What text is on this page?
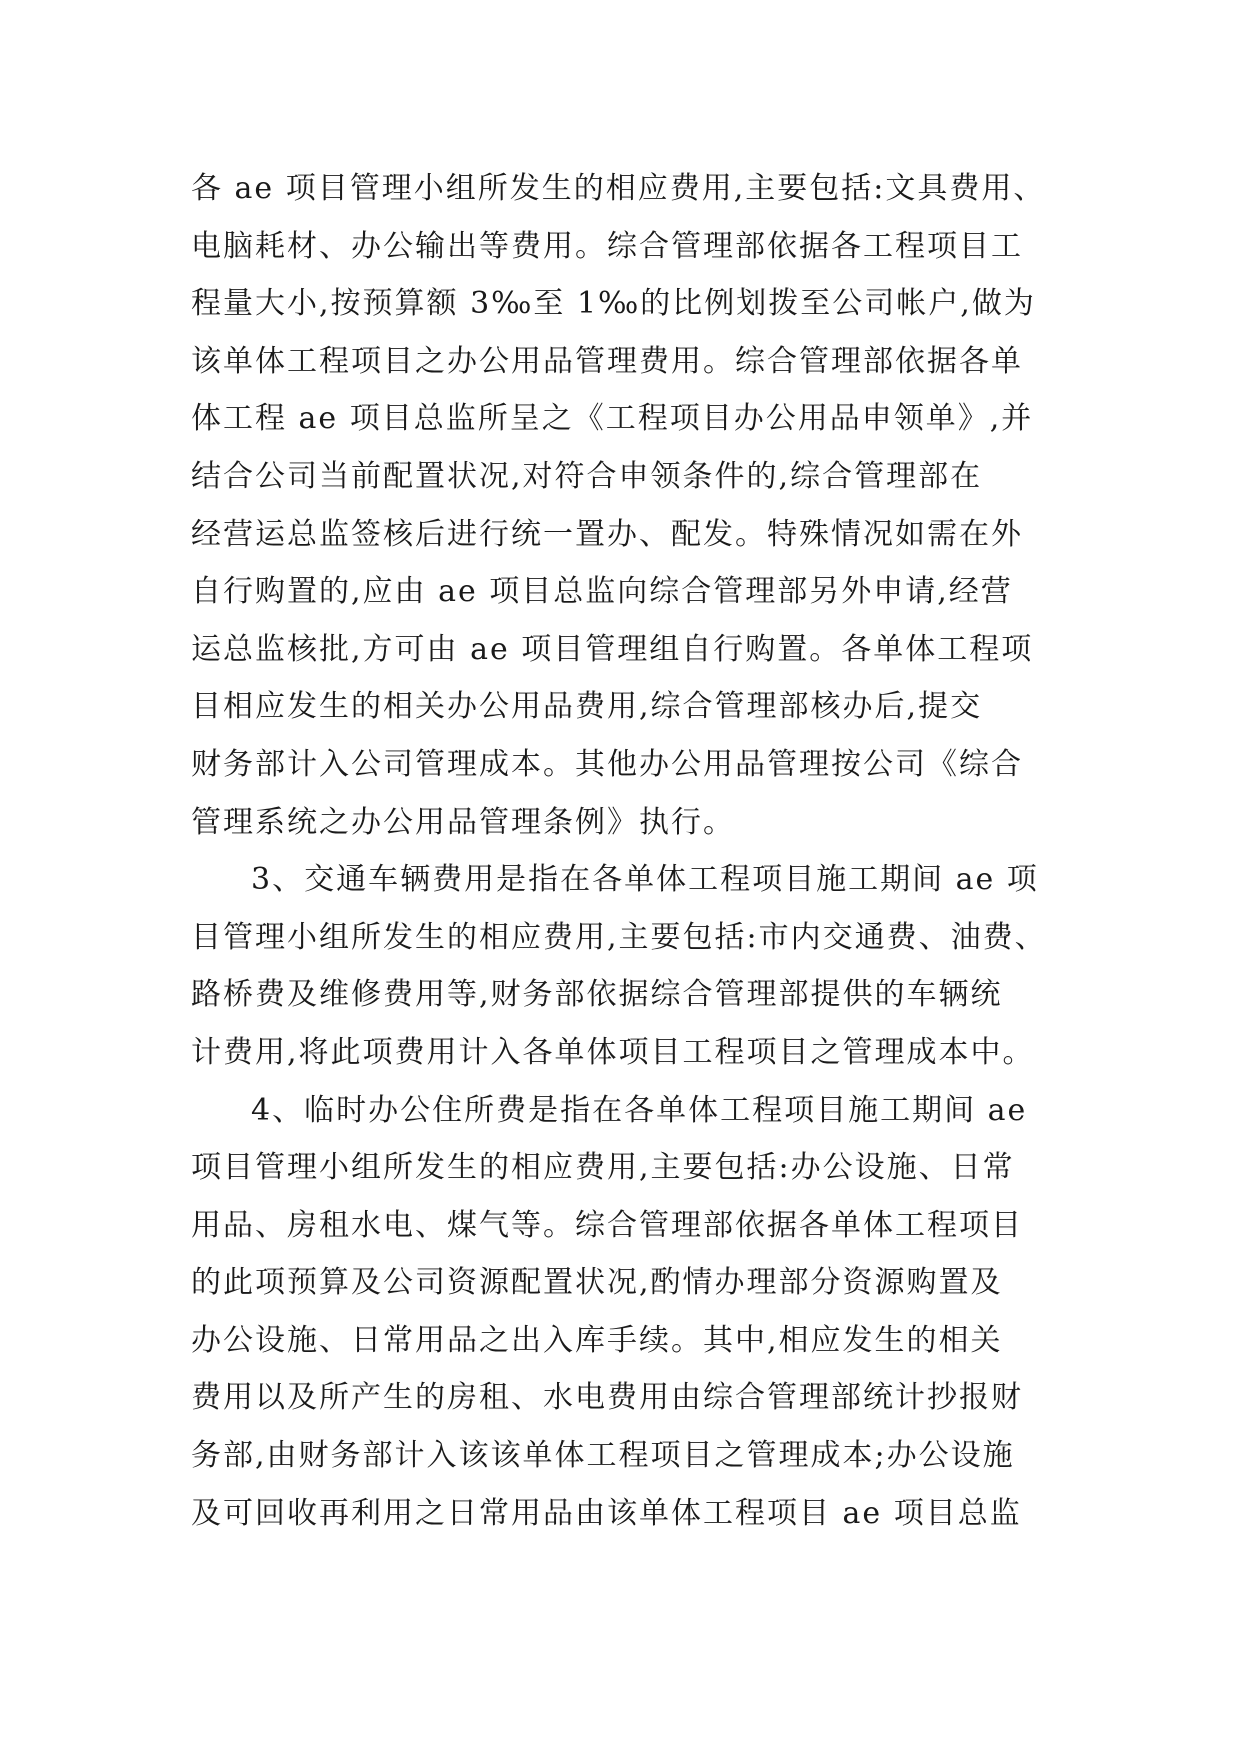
各 ae 项目管理小组所发生的相应费用,主要包括:文具费用、
电脑耗材、办公输出等费用。综合管理部依据各工程项目工
程量大小,按预算额 3‰至 1‰的比例划拨至公司帐户,做为
该单体工程项目之办公用品管理费用。综合管理部依据各单
体工程 ae 项目总监所呈之《工程项目办公用品申领单》,并
结合公司当前配置状况,对符合申领条件的,综合管理部在
经营运总监签核后进行统一置办、配发。特殊情况如需在外
自行购置的,应由 ae 项目总监向综合管理部另外申请,经营
运总监核批,方可由 ae 项目管理组自行购置。各单体工程项
目相应发生的相关办公用品费用,综合管理部核办后,提交
财务部计入公司管理成本。其他办公用品管理按公司《综合
管理系统之办公用品管理条例》执行。
3、交通车辆费用是指在各单体工程项目施工期间 ae 项
目管理小组所发生的相应费用,主要包括:市内交通费、油费、
路桥费及维修费用等,财务部依据综合管理部提供的车辆统
计费用,将此项费用计入各单体项目工程项目之管理成本中。
4、临时办公住所费是指在各单体工程项目施工期间 ae
项目管理小组所发生的相应费用,主要包括:办公设施、日常
用品、房租水电、煤气等。综合管理部依据各单体工程项目
的此项预算及公司资源配置状况,酌情办理部分资源购置及
办公设施、日常用品之出入库手续。其中,相应发生的相关
费用以及所产生的房租、水电费用由综合管理部统计抄报财
务部,由财务部计入该该单体工程项目之管理成本;办公设施
及可回收再利用之日常用品由该单体工程项目 ae 项目总监
